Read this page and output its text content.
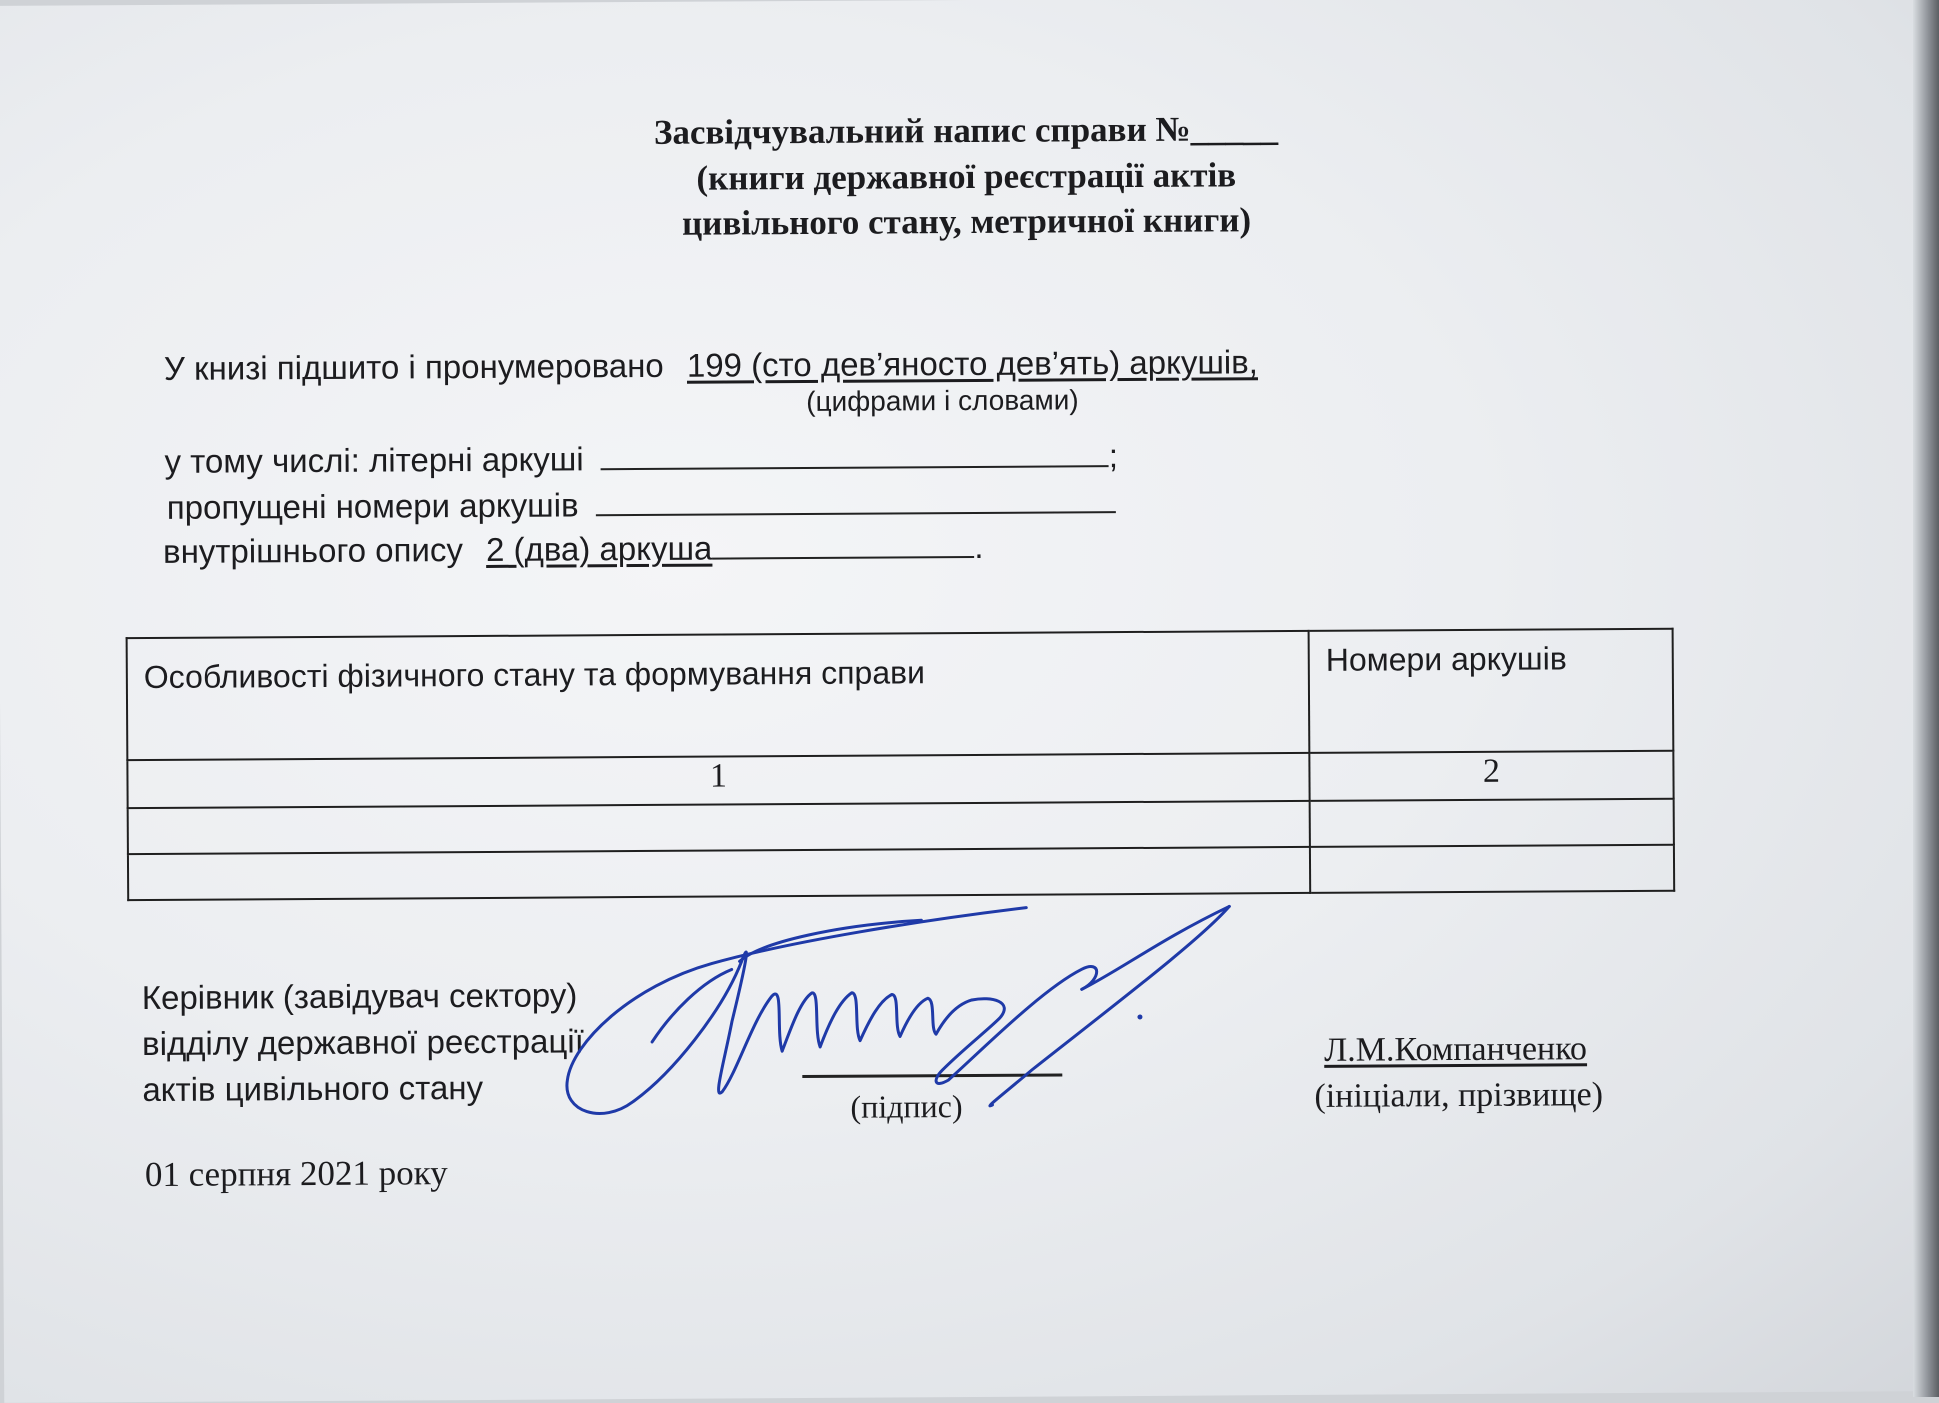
Засвідчувальний напис справи №_____
(книги державної реєстрації актів
цивільного стану, метричної книги)
У книзі підшито і пронумеровано 199 (сто дев’яносто дев’ять) аркушів,
(цифрами і словами)
у тому числі: літерні аркуші	;
пропущені номери аркушів
внутрішнього опису 2 (два) аркуша	.
Особливості фізичного стану та формування справи	Номери аркушів

1	2

Керівник (завідувач сектору)
відділу державної реєстрації
актів цивільного стану	(підпис)
Л.М.Компанченко
(ініціали, прізвище)
01 серпня 2021 року
